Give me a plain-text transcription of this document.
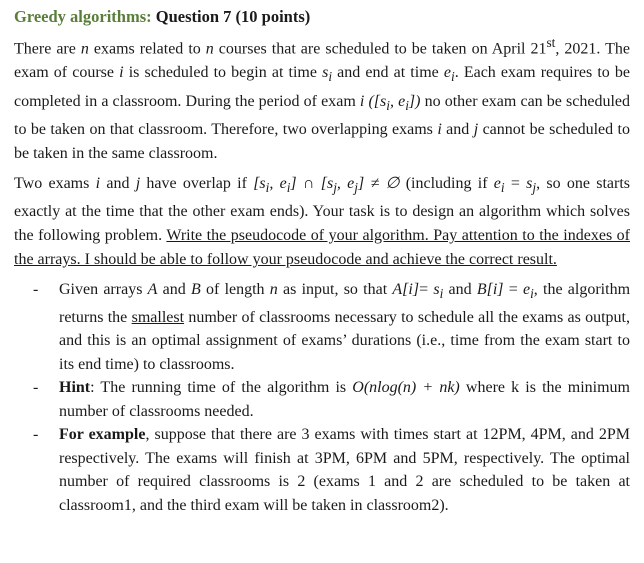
Greedy algorithms: Question 7 (10 points)

There are n exams related to n courses that are scheduled to be taken on April 21st, 2021. The exam of course i is scheduled to begin at time $s_i$ and end at time $e_i$. Each exam requires to be completed in a classroom. During the period of exam i ([$s_i$, $e_i$]) no other exam can be scheduled to be taken on that classroom. Therefore, two overlapping exams i and j cannot be scheduled to be taken in the same classroom.

Two exams i and j have overlap if [$s_i$, $e_i$] ∩ [$s_j$, $e_j$] ≠ ∅ (including if $e_i = s_j$, so one starts exactly at the time that the other exam ends). Your task is to design an algorithm which solves the following problem. Write the pseudocode of your algorithm. Pay attention to the indexes of the arrays. I should be able to follow your pseudocode and achieve the correct result.

- Given arrays A and B of length n as input, so that $A[i]= s_i$ and $B[i] = e_i$, the algorithm returns the smallest number of classrooms necessary to schedule all the exams as output, and this is an optimal assignment of exams’ durations (i.e., time from the exam start to its end time) to classrooms.
- Hint: The running time of the algorithm is O(nlog(n) + nk) where k is the minimum number of classrooms needed.
- For example, suppose that there are 3 exams with times start at 12PM, 4PM, and 2PM respectively. The exams will finish at 3PM, 6PM and 5PM, respectively. The optimal number of required classrooms is 2 (exams 1 and 2 are scheduled to be taken at classroom1, and the third exam will be taken in classroom2).
